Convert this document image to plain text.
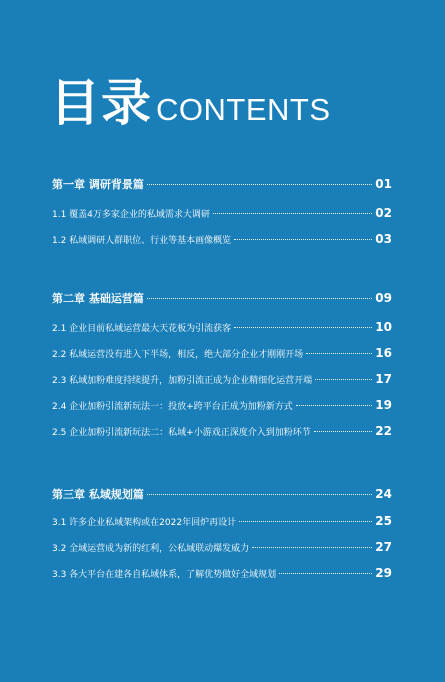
目录 CONTENTS
第一章 调研背景篇	01
1.1 覆盖4万多家企业的私域需求大调研	02
1.2 私域调研人群职位、行业等基本画像概览	03
第二章 基础运营篇	09
2.1 企业目前私域运营最大天花板为引流获客	10
2.2 私域运营没有进入下半场，相反，绝大部分企业才刚刚开场	16
2.3 私域加粉难度持续提升，加粉引流正成为企业精细化运营开端	17
2.4 企业加粉引流新玩法一：投放+跨平台正成为加粉新方式	19
2.5 企业加粉引流新玩法二：私域+小游戏正深度介入到加粉环节	22
第三章 私域规划篇	24
3.1 许多企业私域架构或在2022年回炉再设计	25
3.2 全域运营成为新的红利，公私域联动爆发威力	27
3.3 各大平台在建各自私域体系，了解优势做好全域规划	29
